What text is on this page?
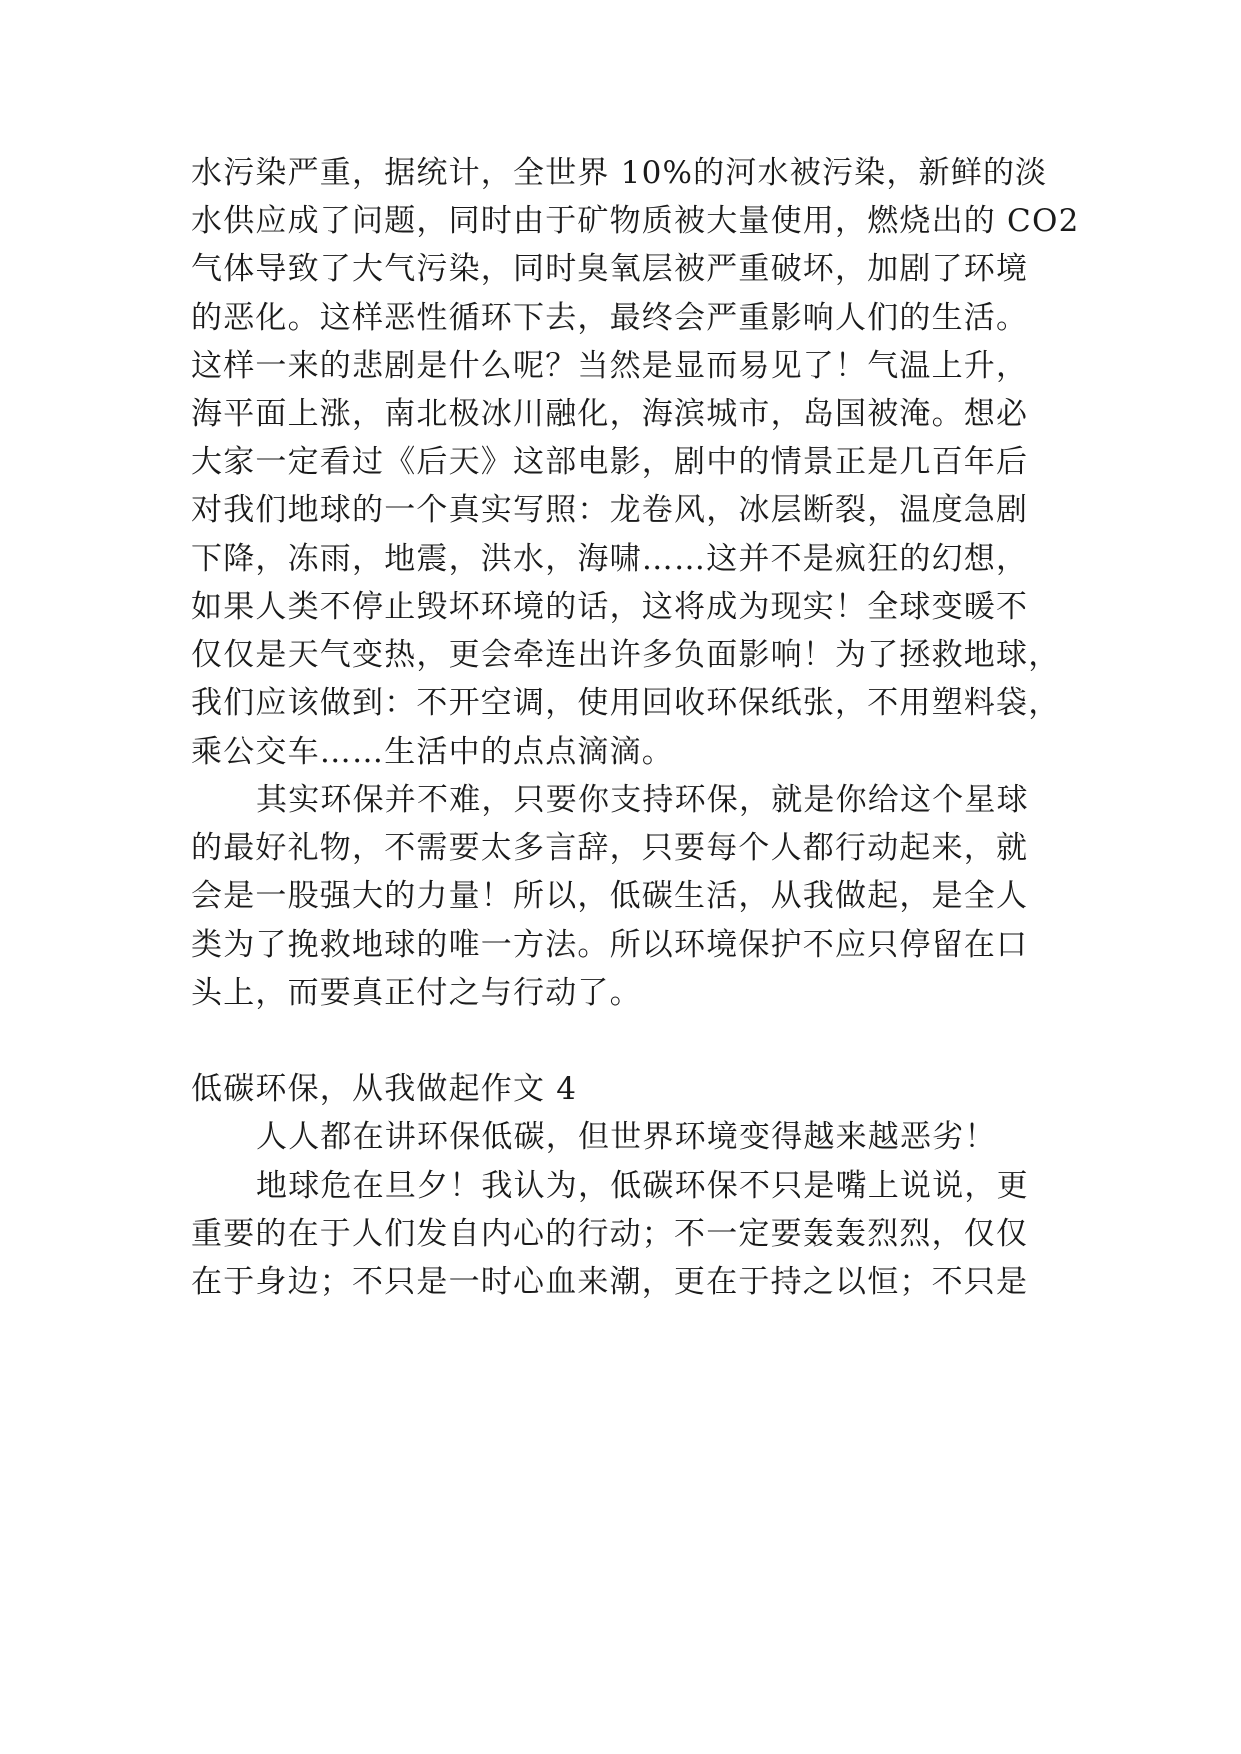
水污染严重，据统计，全世界 10%的河水被污染，新鲜的淡
水供应成了问题，同时由于矿物质被大量使用，燃烧出的 CO2
气体导致了大气污染，同时臭氧层被严重破坏，加剧了环境
的恶化。这样恶性循环下去，最终会严重影响人们的生活。
这样一来的悲剧是什么呢？当然是显而易见了！气温上升，
海平面上涨，南北极冰川融化，海滨城市，岛国被淹。想必
大家一定看过《后天》这部电影，剧中的情景正是几百年后
对我们地球的一个真实写照：龙卷风，冰层断裂，温度急剧
下降，冻雨，地震，洪水，海啸……这并不是疯狂的幻想，
如果人类不停止毁坏环境的话，这将成为现实！全球变暖不
仅仅是天气变热，更会牵连出许多负面影响！为了拯救地球，
我们应该做到：不开空调，使用回收环保纸张，不用塑料袋，
乘公交车……生活中的点点滴滴。
其实环保并不难，只要你支持环保，就是你给这个星球
的最好礼物，不需要太多言辞，只要每个人都行动起来，就
会是一股强大的力量！所以，低碳生活，从我做起，是全人
类为了挽救地球的唯一方法。所以环境保护不应只停留在口
头上，而要真正付之与行动了。
低碳环保，从我做起作文 4
人人都在讲环保低碳，但世界环境变得越来越恶劣！
地球危在旦夕！我认为，低碳环保不只是嘴上说说，更
重要的在于人们发自内心的行动；不一定要轰轰烈烈，仅仅
在于身边；不只是一时心血来潮，更在于持之以恒；不只是
